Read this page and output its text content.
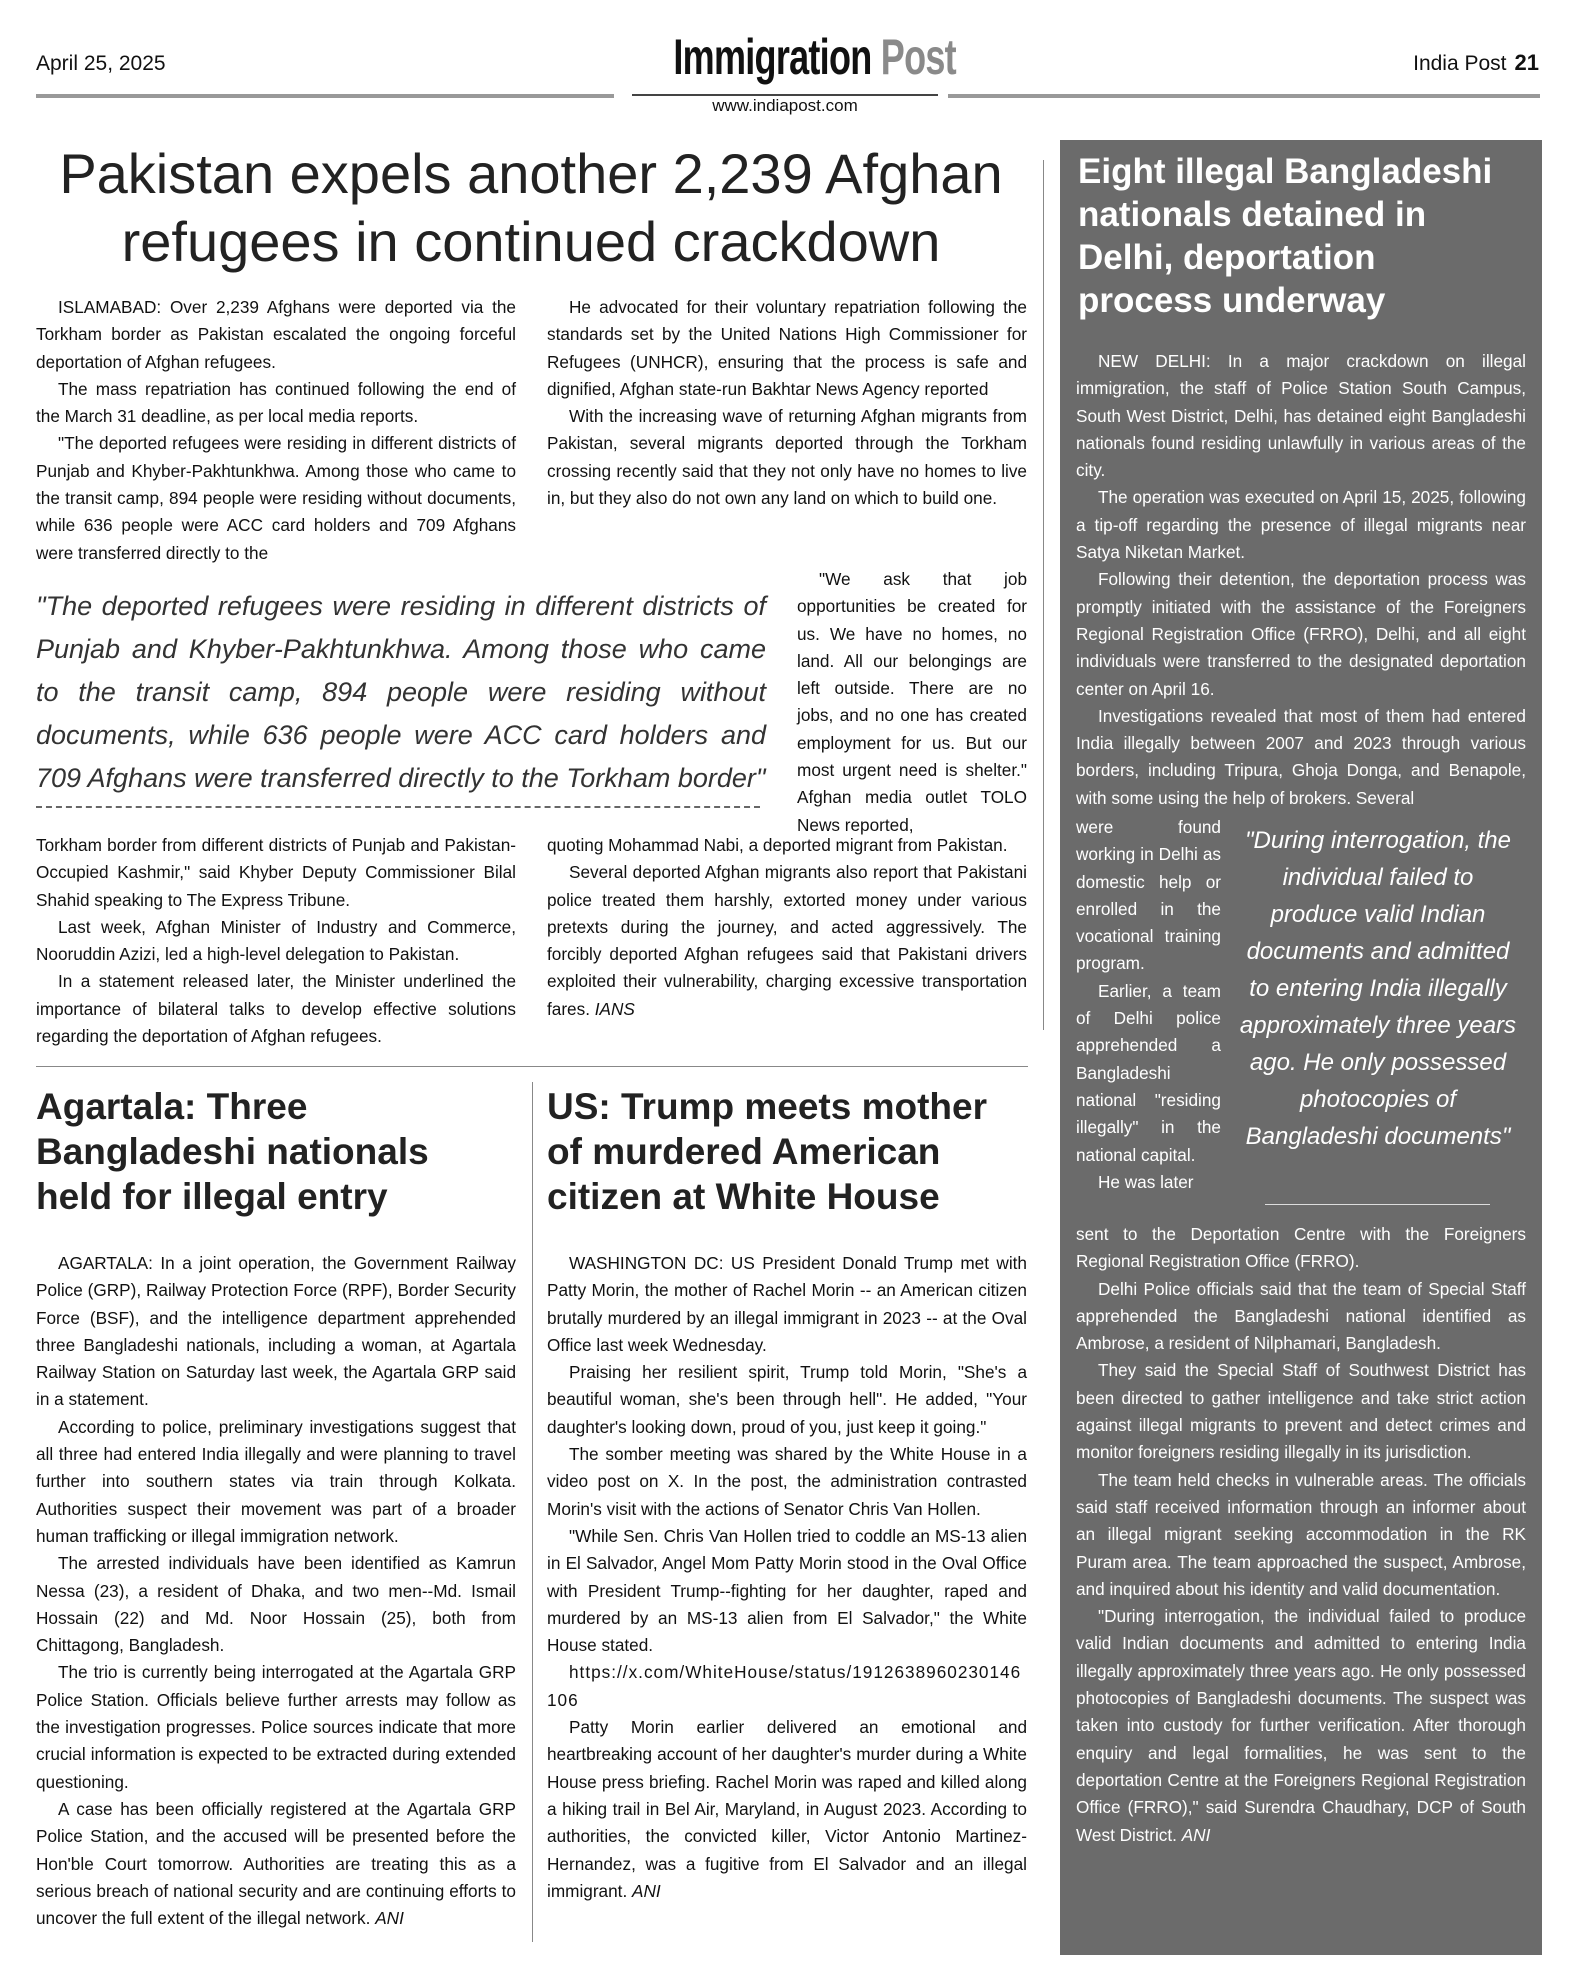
April 25, 2025	Immigration Post	India Post 21
www.indiapost.com
Pakistan expels another 2,239 Afghan refugees in continued crackdown

ISLAMABAD: Over 2,239 Afghans were deported via the Torkham border as Pakistan escalated the ongoing forceful deportation of Afghan refugees.

The mass repatriation has continued following the end of the March 31 deadline, as per local media reports.

"The deported refugees were residing in different districts of Punjab and Khyber-Pakhtunkhwa. Among those who came to the transit camp, 894 people were residing without documents, while 636 people were ACC card holders and 709 Afghans were transferred directly to the

He advocated for their voluntary repatriation following the standards set by the United Nations High Commissioner for Refugees (UNHCR), ensuring that the process is safe and dignified, Afghan state-run Bakhtar News Agency reported

With the increasing wave of returning Afghan migrants from Pakistan, several migrants deported through the Torkham crossing recently said that they not only have no homes to live in, but they also do not own any land on which to build one.

"The deported refugees were residing in different districts of Punjab and Khyber-Pakhtunkhwa. Among those who came to the transit camp, 894 people were residing without documents, while 636 people were ACC card holders and 709 Afghans were transferred directly to the Torkham border"

"We ask that job opportunities be created for us. We have no homes, no land. All our belongings are left outside. There are no jobs, and no one has created employment for us. But our most urgent need is shelter." Afghan media outlet TOLO News reported,

Torkham border from different districts of Punjab and Pakistan-Occupied Kashmir," said Khyber Deputy Commissioner Bilal Shahid speaking to The Express Tribune.

Last week, Afghan Minister of Industry and Commerce, Nooruddin Azizi, led a high-level delegation to Pakistan.

In a statement released later, the Minister underlined the importance of bilateral talks to develop effective solutions regarding the deportation of Afghan refugees.

quoting Mohammad Nabi, a deported migrant from Pakistan.

Several deported Afghan migrants also report that Pakistani police treated them harshly, extorted money under various pretexts during the journey, and acted aggressively. The forcibly deported Afghan refugees said that Pakistani drivers exploited their vulnerability, charging excessive transportation fares. IANS

Agartala: Three Bangladeshi nationals held for illegal entry

AGARTALA: In a joint operation, the Government Railway Police (GRP), Railway Protection Force (RPF), Border Security Force (BSF), and the intelligence department apprehended three Bangladeshi nationals, including a woman, at Agartala Railway Station on Saturday last week, the Agartala GRP said in a statement.

According to police, preliminary investigations suggest that all three had entered India illegally and were planning to travel further into southern states via train through Kolkata. Authorities suspect their movement was part of a broader human trafficking or illegal immigration network.

The arrested individuals have been identified as Kamrun Nessa (23), a resident of Dhaka, and two men--Md. Ismail Hossain (22) and Md. Noor Hossain (25), both from Chittagong, Bangladesh.

The trio is currently being interrogated at the Agartala GRP Police Station. Officials believe further arrests may follow as the investigation progresses. Police sources indicate that more crucial information is expected to be extracted during extended questioning.

A case has been officially registered at the Agartala GRP Police Station, and the accused will be presented before the Hon'ble Court tomorrow. Authorities are treating this as a serious breach of national security and are continuing efforts to uncover the full extent of the illegal network. ANI

US: Trump meets mother of murdered American citizen at White House

WASHINGTON DC: US President Donald Trump met with Patty Morin, the mother of Rachel Morin -- an American citizen brutally murdered by an illegal immigrant in 2023 -- at the Oval Office last week Wednesday.

Praising her resilient spirit, Trump told Morin, "She's a beautiful woman, she's been through hell". He added, "Your daughter's looking down, proud of you, just keep it going."

The somber meeting was shared by the White House in a video post on X. In the post, the administration contrasted Morin's visit with the actions of Senator Chris Van Hollen.

"While Sen. Chris Van Hollen tried to coddle an MS-13 alien in El Salvador, Angel Mom Patty Morin stood in the Oval Office with President Trump--fighting for her daughter, raped and murdered by an MS-13 alien from El Salvador," the White House stated.

https://x.com/WhiteHouse/status/1912638960230146106

Patty Morin earlier delivered an emotional and heartbreaking account of her daughter's murder during a White House press briefing. Rachel Morin was raped and killed along a hiking trail in Bel Air, Maryland, in August 2023. According to authorities, the convicted killer, Victor Antonio Martinez-Hernandez, was a fugitive from El Salvador and an illegal immigrant. ANI

Eight illegal Bangladeshi nationals detained in Delhi, deportation process underway

NEW DELHI: In a major crackdown on illegal immigration, the staff of Police Station South Campus, South West District, Delhi, has detained eight Bangladeshi nationals found residing unlawfully in various areas of the city.

The operation was executed on April 15, 2025, following a tip-off regarding the presence of illegal migrants near Satya Niketan Market.

Following their detention, the deportation process was promptly initiated with the assistance of the Foreigners Regional Registration Office (FRRO), Delhi, and all eight individuals were transferred to the designated deportation center on April 16.

Investigations revealed that most of them had entered India illegally between 2007 and 2023 through various borders, including Tripura, Ghoja Donga, and Benapole, with some using the help of brokers. Several

were found working in Delhi as domestic help or enrolled in the vocational training program.

Earlier, a team of Delhi police apprehended a Bangladeshi national "residing illegally" in the national capital.

He was later

"During interrogation, the individual failed to produce valid Indian documents and admitted to entering India illegally approximately three years ago. He only possessed photocopies of Bangladeshi documents"

sent to the Deportation Centre with the Foreigners Regional Registration Office (FRRO).

Delhi Police officials said that the team of Special Staff apprehended the Bangladeshi national identified as Ambrose, a resident of Nilphamari, Bangladesh.

They said the Special Staff of Southwest District has been directed to gather intelligence and take strict action against illegal migrants to prevent and detect crimes and monitor foreigners residing illegally in its jurisdiction.

The team held checks in vulnerable areas. The officials said staff received information through an informer about an illegal migrant seeking accommodation in the RK Puram area. The team approached the suspect, Ambrose, and inquired about his identity and valid documentation.

"During interrogation, the individual failed to produce valid Indian documents and admitted to entering India illegally approximately three years ago. He only possessed photocopies of Bangladeshi documents. The suspect was taken into custody for further verification. After thorough enquiry and legal formalities, he was sent to the deportation Centre at the Foreigners Regional Registration Office (FRRO)," said Surendra Chaudhary, DCP of South West District. ANI
